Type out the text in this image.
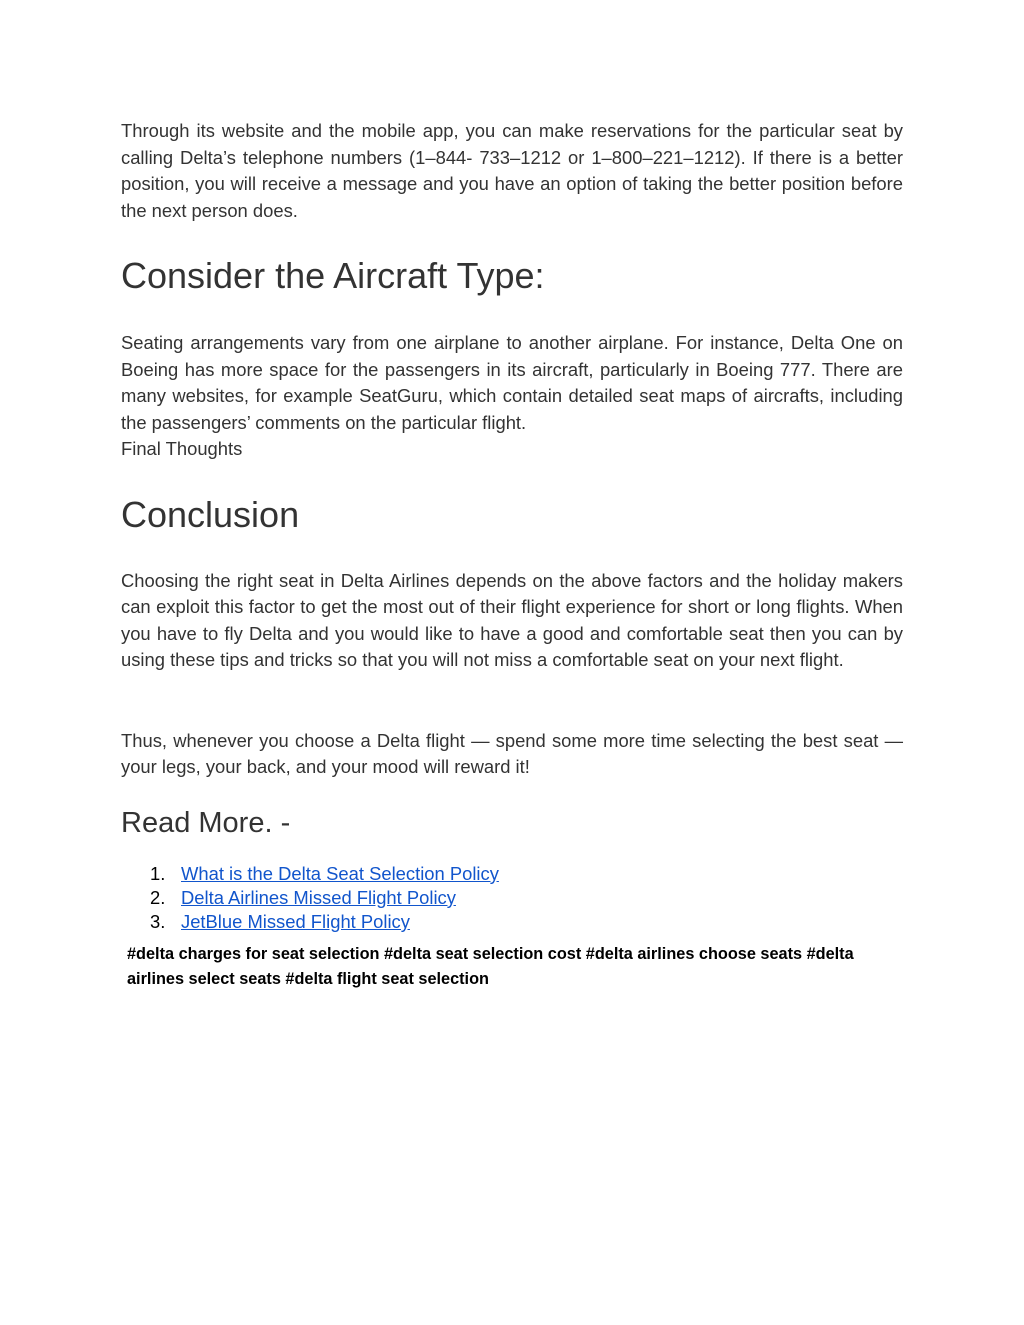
Through its website and the mobile app, you can make reservations for the particular seat by calling Delta’s telephone numbers (1–844- 733–1212 or 1–800–221–1212). If there is a better position, you will receive a message and you have an option of taking the better position before the next person does.

Consider the Aircraft Type:

Seating arrangements vary from one airplane to another airplane. For instance, Delta One on Boeing has more space for the passengers in its aircraft, particularly in Boeing 777. There are many websites, for example SeatGuru, which contain detailed seat maps of aircrafts, including the passengers’ comments on the particular flight.

Final Thoughts

Conclusion

Choosing the right seat in Delta Airlines depends on the above factors and the holiday makers can exploit this factor to get the most out of their flight experience for short or long flights. When you have to fly Delta and you would like to have a good and comfortable seat then you can by using these tips and tricks so that you will not miss a comfortable seat on your next flight.

Thus, whenever you choose a Delta flight — spend some more time selecting the best seat — your legs, your back, and your mood will reward it!

Read More. -
1. What is the Delta Seat Selection Policy
2. Delta Airlines Missed Flight Policy
3. JetBlue Missed Flight Policy

#delta charges for seat selection #delta seat selection cost #delta airlines choose seats #delta airlines select seats #delta flight seat selection
